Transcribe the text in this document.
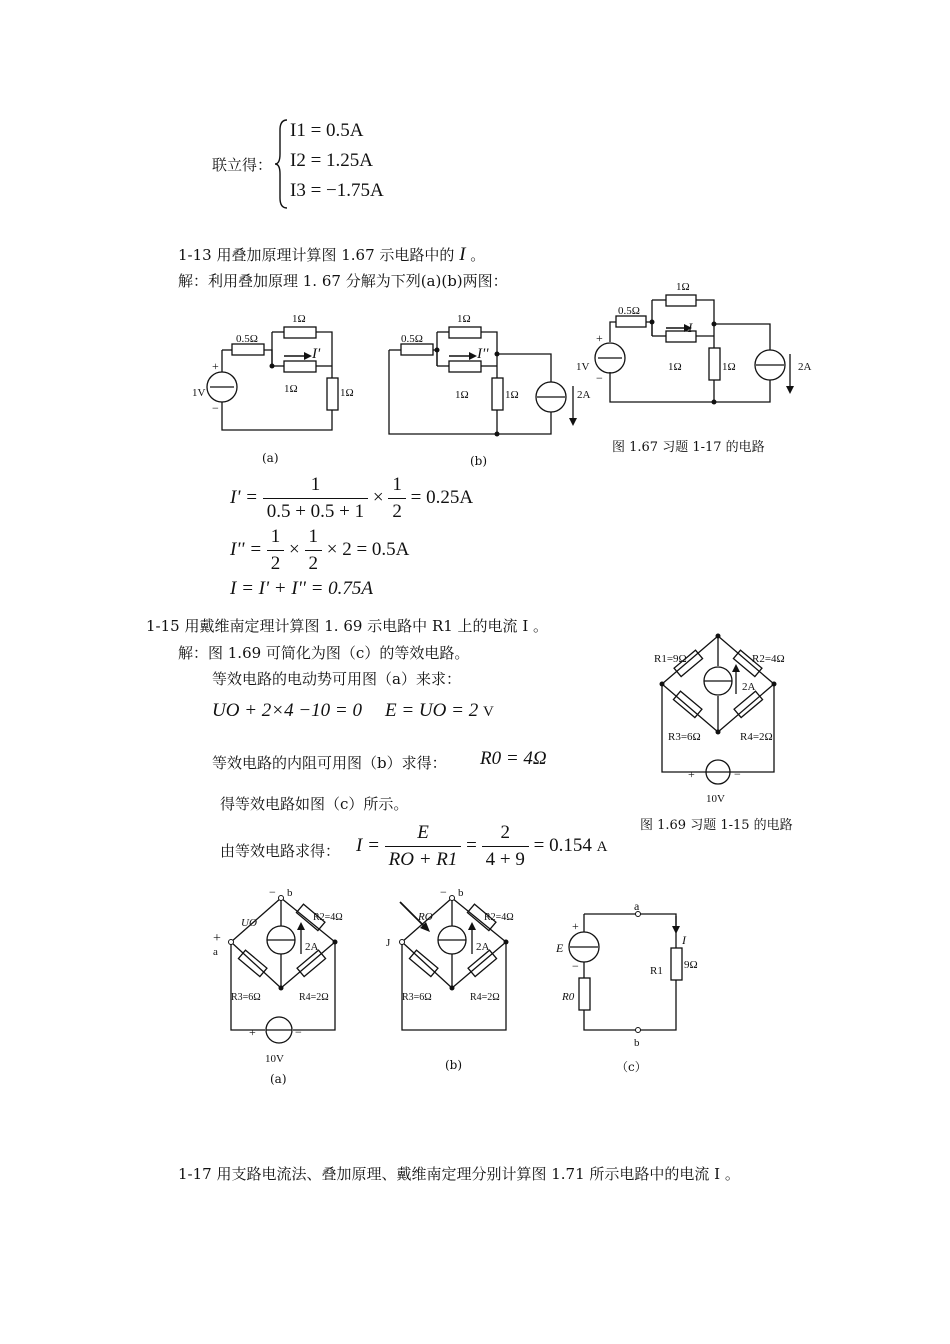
联立得：
I1 = 0.5A
I2 = 1.25A
I3 = −1.75A
1-13 用叠加原理计算图 1.67 示电路中的 I 。
解：利用叠加原理 1. 67 分解为下列(a)(b)两图：
0.5Ω
1Ω
1Ω	1Ω
1V
+
−
I'
(a)
0.5Ω
1Ω
1Ω	1Ω	2A
I''
(b)
0.5Ω
1Ω
1Ω	1Ω
1V
+
−
2A
I
图 1.67 习题 1-17 的电路
$I' = \frac{1}{0.5 + 0.5 + 1} \times \frac{1}{2} = 0.25A$
$I'' = \frac{1}{2} \times \frac{1}{2} \times 2 = 0.5A$
I = I' + I'' = 0.75A
1-15 用戴维南定理计算图 1. 69 示电路中 R1 上的电流 I 。
解：图 1.69 可简化为图（c）的等效电路。
等效电路的电动势可用图（a）来求：
UO + 2×4 −10 = 0 E = UO = 2 V
等效电路的内阻可用图（b）求得： R0 = 4Ω
得等效电路如图（c）所示。
由等效电路求得： $I = \frac{E}{RO + R1} = \frac{2}{4 + 9} = 0.154$ A
R1=9Ω	R2=4Ω
2A
R3=6Ω	R4=2Ω
+	−
10V
图 1.69 习题 1-15 的电路
− b
+
a
UO	R2=4Ω
2A
R3=6Ω	R4=2Ω
+	−
10V
(a)
− b
J
RO	R2=4Ω
2A
R3=6Ω	R4=2Ω
(b)
a
b
+
−
E
R0
I
R1 9Ω
（c）
1-17 用支路电流法、叠加原理、戴维南定理分别计算图 1.71 所示电路中的电流 I 。
